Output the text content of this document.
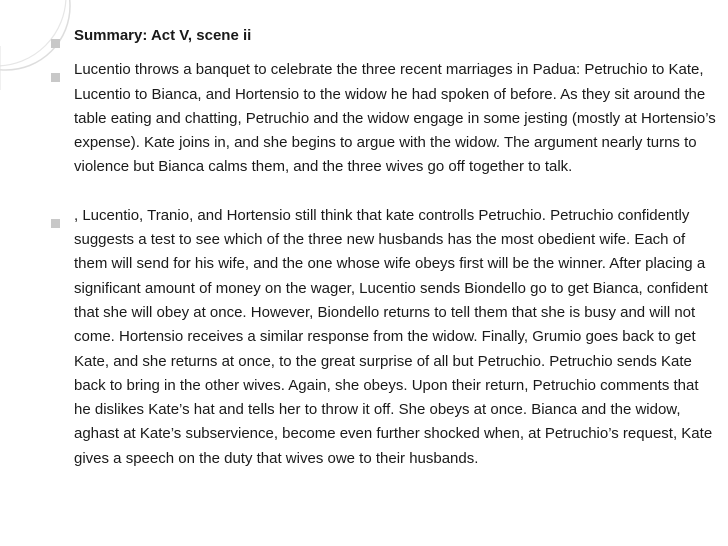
Summary: Act V, scene ii
Lucentio throws a banquet to celebrate the three recent marriages in Padua: Petruchio to Kate, Lucentio to Bianca, and Hortensio to the widow he had spoken of before. As they sit around the table eating and chatting, Petruchio and the widow engage in some jesting (mostly at Hortensio’s expense). Kate joins in, and she begins to argue with the widow. The argument nearly turns to violence but Bianca calms them, and the three wives go off together to talk.
, Lucentio, Tranio, and Hortensio still think that kate controlls Petruchio. Petruchio confidently suggests a test to see which of the three new husbands has the most obedient wife. Each of them will send for his wife, and the one whose wife obeys first will be the winner. After placing a significant amount of money on the wager, Lucentio sends Biondello go to get Bianca, confident that she will obey at once. However, Biondello returns to tell them that she is busy and will not come. Hortensio receives a similar response from the widow. Finally, Grumio goes back to get Kate, and she returns at once, to the great surprise of all but Petruchio. Petruchio sends Kate back to bring in the other wives. Again, she obeys. Upon their return, Petruchio comments that he dislikes Kate’s hat and tells her to throw it off. She obeys at once. Bianca and the widow, aghast at Kate’s subservience, become even further shocked when, at Petruchio’s request, Kate gives a speech on the duty that wives owe to their husbands.
